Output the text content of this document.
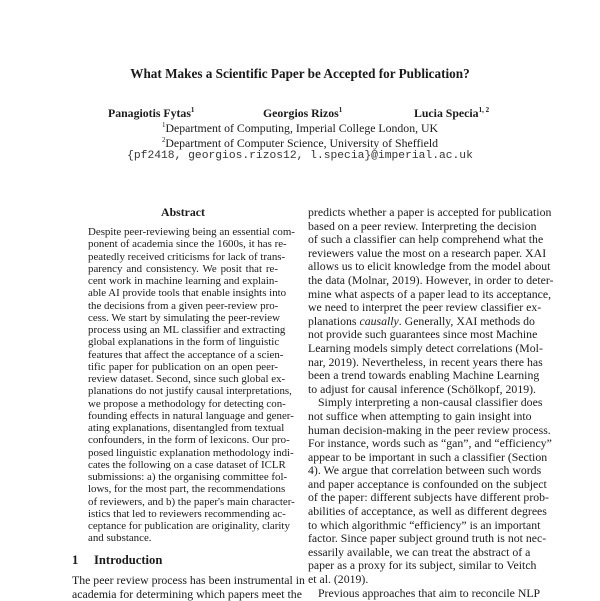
What Makes a Scientific Paper be Accepted for Publication?
Panagiotis Fytas$^1$	Georgios Rizos$^1$	Lucia Specia$^{1, 2}$
$^1$Department of Computing, Imperial College London, UK
$^2$Department of Computer Science, University of Sheffield
{pf2418, georgios.rizos12, l.specia}@imperial.ac.uk
Abstract
Despite peer-reviewing being an essential com-
ponent of academia since the 1600s, it has re-
peatedly received criticisms for lack of trans-
parency and consistency. We posit that re-
cent work in machine learning and explain-
able AI provide tools that enable insights into
the decisions from a given peer-review pro-
cess. We start by simulating the peer-review
process using an ML classifier and extracting
global explanations in the form of linguistic
features that affect the acceptance of a scien-
tific paper for publication on an open peer-
review dataset. Second, since such global ex-
planations do not justify causal interpretations,
we propose a methodology for detecting con-
founding effects in natural language and gener-
ating explanations, disentangled from textual
confounders, in the form of lexicons. Our pro-
posed linguistic explanation methodology indi-
cates the following on a case dataset of ICLR
submissions: a) the organising committee fol-
lows, for the most part, the recommendations
of reviewers, and b) the paper's main character-
istics that led to reviewers recommending ac-
ceptance for publication are originality, clarity
and substance.
1 Introduction
The peer review process has been instrumental in
academia for determining which papers meet the
predicts whether a paper is accepted for publication
based on a peer review. Interpreting the decision
of such a classifier can help comprehend what the
reviewers value the most on a research paper. XAI
allows us to elicit knowledge from the model about
the data (Molnar, 2019). However, in order to deter-
mine what aspects of a paper lead to its acceptance,
we need to interpret the peer review classifier ex-
planations causally. Generally, XAI methods do
not provide such guarantees since most Machine
Learning models simply detect correlations (Mol-
nar, 2019). Nevertheless, in recent years there has
been a trend towards enabling Machine Learning
to adjust for causal inference (Schölkopf, 2019).
Simply interpreting a non-causal classifier does
not suffice when attempting to gain insight into
human decision-making in the peer review process.
For instance, words such as “gan”, and “efficiency”
appear to be important in such a classifier (Section
4). We argue that correlation between such words
and paper acceptance is confounded on the subject
of the paper: different subjects have different prob-
abilities of acceptance, as well as different degrees
to which algorithmic “efficiency” is an important
factor. Since paper subject ground truth is not nec-
essarily available, we can treat the abstract of a
paper as a proxy for its subject, similar to Veitch
et al. (2019).
Previous approaches that aim to reconcile NLP
